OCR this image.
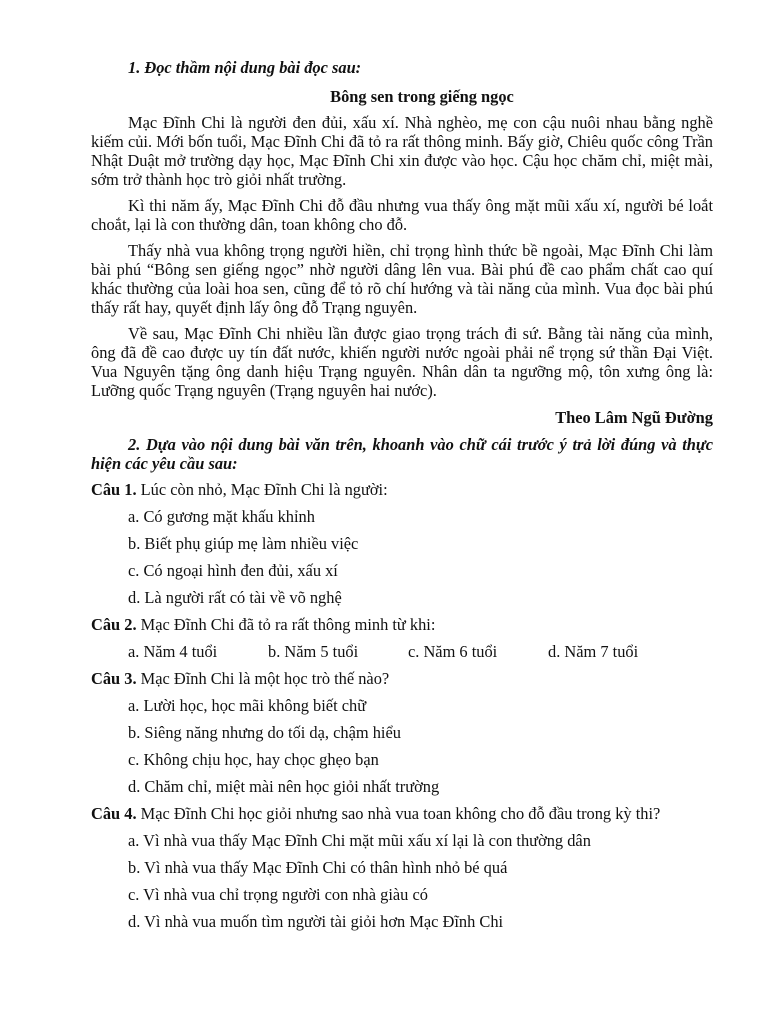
1. Đọc thầm nội dung bài đọc sau:

Bông sen trong giếng ngọc

Mạc Đĩnh Chi là người đen đủi, xấu xí. Nhà nghèo, mẹ con cậu nuôi nhau bằng nghề kiếm củi. Mới bốn tuổi, Mạc Đĩnh Chi đã tỏ ra rất thông minh. Bấy giờ, Chiêu quốc công Trần Nhật Duật mở trường dạy học, Mạc Đĩnh Chi xin được vào học. Cậu học chăm chỉ, miệt mài, sớm trở thành học trò giỏi nhất trường.

Kì thi năm ấy, Mạc Đĩnh Chi đỗ đầu nhưng vua thấy ông mặt mũi xấu xí, người bé loắt choắt, lại là con thường dân, toan không cho đỗ.

Thấy nhà vua không trọng người hiền, chỉ trọng hình thức bề ngoài, Mạc Đĩnh Chi làm bài phú “Bông sen giếng ngọc” nhờ người dâng lên vua. Bài phú đề cao phẩm chất cao quí khác thường của loài hoa sen, cũng để tỏ rõ chí hướng và tài năng của mình. Vua đọc bài phú thấy rất hay, quyết định lấy ông đỗ Trạng nguyên.

Về sau, Mạc Đĩnh Chi nhiều lần được giao trọng trách đi sứ. Bằng tài năng của mình, ông đã đề cao được uy tín đất nước, khiến người nước ngoài phải nể trọng sứ thần Đại Việt. Vua Nguyên tặng ông danh hiệu Trạng nguyên. Nhân dân ta ngưỡng mộ, tôn xưng ông là: Lưỡng quốc Trạng nguyên (Trạng nguyên hai nước).

Theo Lâm Ngũ Đường

2. Dựa vào nội dung bài văn trên, khoanh vào chữ cái trước ý trả lời đúng và thực hiện các yêu cầu sau:

Câu 1. Lúc còn nhỏ, Mạc Đĩnh Chi là người:

a. Có gương mặt khấu khỉnh
b. Biết phụ giúp mẹ làm nhiều việc
c. Có ngoại hình đen đủi, xấu xí
d. Là người rất có tài về võ nghệ

Câu 2. Mạc Đĩnh Chi đã tỏ ra rất thông minh từ khi:

a. Năm 4 tuổi	b. Năm 5 tuổi	c. Năm 6 tuổi	d. Năm 7 tuổi

Câu 3. Mạc Đĩnh Chi là một học trò thế nào?

a. Lười học, học mãi không biết chữ
b. Siêng năng nhưng do tối dạ, chậm hiểu
c. Không chịu học, hay chọc ghẹo bạn
d. Chăm chỉ, miệt mài nên học giỏi nhất trường

Câu 4. Mạc Đĩnh Chi học giỏi nhưng sao nhà vua toan không cho đỗ đầu trong kỳ thi?

a. Vì nhà vua thấy Mạc Đĩnh Chi mặt mũi xấu xí lại là con thường dân
b. Vì nhà vua thấy Mạc Đĩnh Chi có thân hình nhỏ bé quá
c. Vì nhà vua chỉ trọng người con nhà giàu có
d. Vì nhà vua muốn tìm người tài giỏi hơn Mạc Đĩnh Chi
